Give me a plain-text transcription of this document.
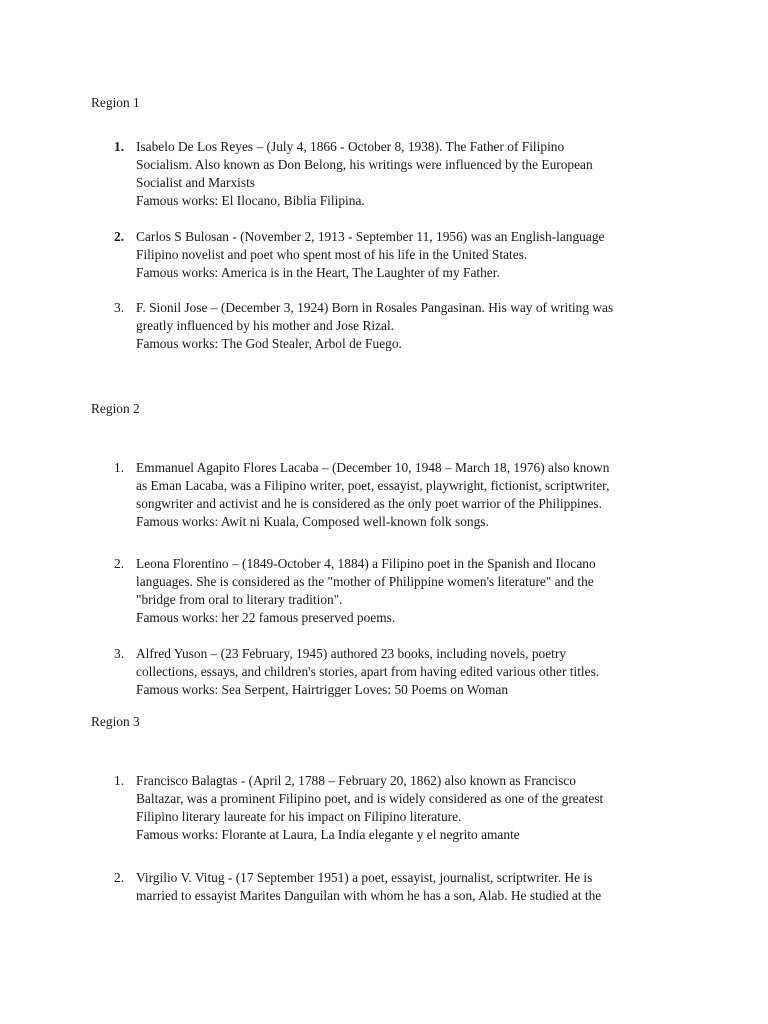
Region 1
1. Isabelo De Los Reyes – (July 4, 1866 - October 8, 1938). The Father of Filipino
Socialism. Also known as Don Belong, his writings were influenced by the European
Socialist and Marxists
Famous works: El Ilocano, Biblia Filipina.
2. Carlos S Bulosan - (November 2, 1913 - September 11, 1956) was an English-language
Filipino novelist and poet who spent most of his life in the United States.
Famous works: America is in the Heart, The Laughter of my Father.
3. F. Sionil Jose – (December 3, 1924) Born in Rosales Pangasinan. His way of writing was
greatly influenced by his mother and Jose Rizal.
Famous works: The God Stealer, Arbol de Fuego.
Region 2
1. Emmanuel Agapito Flores Lacaba – (December 10, 1948 – March 18, 1976) also known
as Eman Lacaba, was a Filipino writer, poet, essayist, playwright, fictionist, scriptwriter,
songwriter and activist and he is considered as the only poet warrior of the Philippines.
Famous works: Awit ni Kuala, Composed well-known folk songs.
2. Leona Florentino – (1849-October 4, 1884) a Filipino poet in the Spanish and Ilocano
languages. She is considered as the "mother of Philippine women's literature" and the
"bridge from oral to literary tradition".
Famous works: her 22 famous preserved poems.
3. Alfred Yuson – (23 February, 1945) authored 23 books, including novels, poetry
collections, essays, and children's stories, apart from having edited various other titles.
Famous works: Sea Serpent, Hairtrigger Loves: 50 Poems on Woman
Region 3
1. Francisco Balagtas - (April 2, 1788 – February 20, 1862) also known as Francisco
Baltazar, was a prominent Filipino poet, and is widely considered as one of the greatest
Filipino literary laureate for his impact on Filipino literature.
Famous works: Florante at Laura, La India elegante y el negrito amante
2. Virgilio V. Vitug - (17 September 1951) a poet, essayist, journalist, scriptwriter. He is
married to essayist Marites Danguilan with whom he has a son, Alab. He studied at the
